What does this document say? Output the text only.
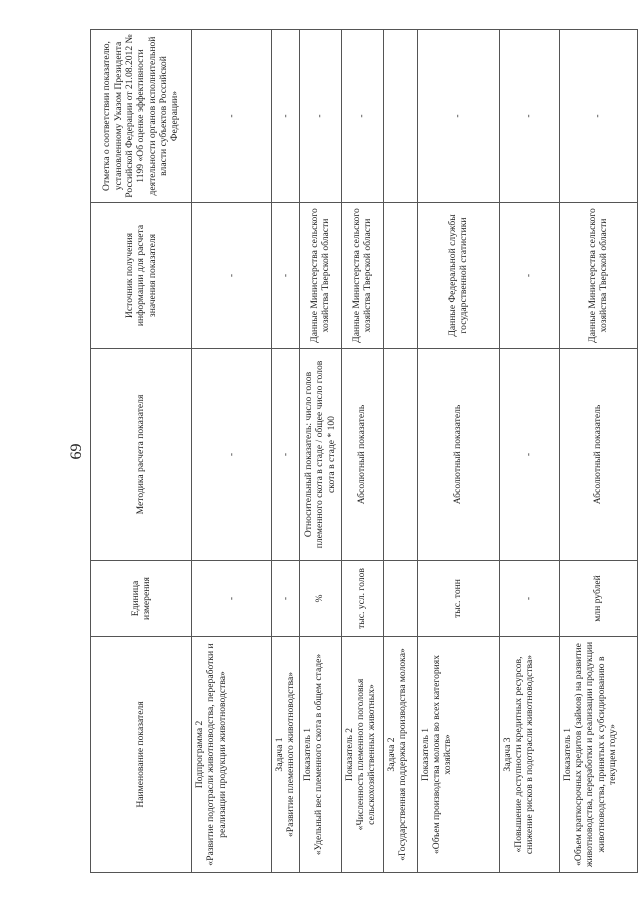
69
Наименование показателя	Единица измерения	Методика расчета показателя	Источник получения информации для расчета значения показателя	Отметка о соответствии показателю, установленному Указом Президента Российской Федерации от 21.08.2012 № 1199 «Об оценке эффективности деятельности органов исполнительной власти субъектов Российской Федерации»

Подпрограмма 2 «Развитие подотрасли животноводства, переработки и реализации продукции животноводства»	-	-	-	-

Задача 1 «Развитие племенного животноводства»	-	-	-	-

Показатель 1 «Удельный вес племенного скота в общем стаде»	%	Относительный показатель: число голов племенного скота в стаде / общее число голов скота в стаде * 100	Данные Министерства сельского хозяйства Тверской области	-

Показатель 2 «Численность племенного поголовья сельскохозяйственных животных»	тыс. усл. голов	Абсолютный показатель	Данные Министерства сельского хозяйства Тверской области	-

Задача 2 «Государственная поддержка производства молока»				

Показатель 1 «Объем производства молока во всех категориях хозяйств»	тыс. тонн	Абсолютный показатель	Данные Федеральной службы государственной статистики	-

Задача 3 «Повышение доступности кредитных ресурсов, снижение рисков в подотрасли животноводства»	-	-	-	-

Показатель 1 «Объем краткосрочных кредитов (займов) на развитие животноводства, переработки и реализации продукции животноводства, принятых к субсидированию в текущем году»	млн рублей	Абсолютный показатель	Данные Министерства сельского хозяйства Тверской области	-
